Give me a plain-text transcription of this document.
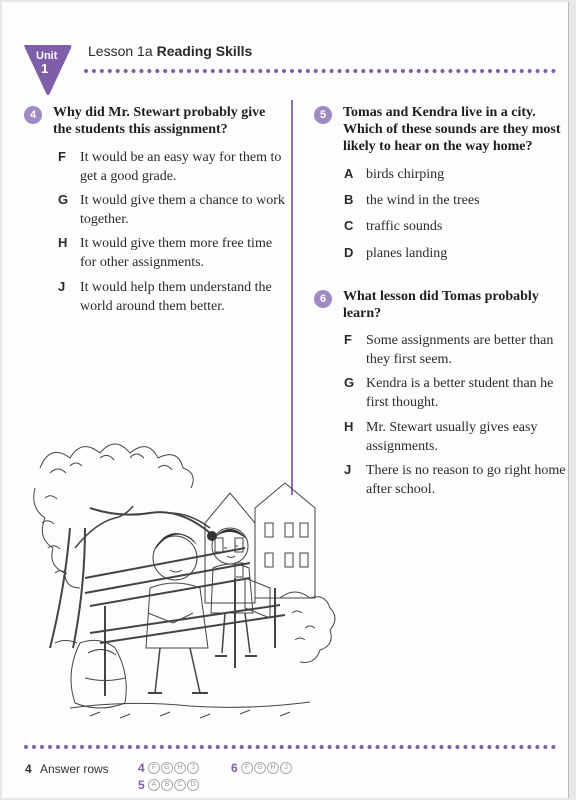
Unit
1
Lesson 1a Reading Skills
4	Why did Mr. Stewart probably give the students this assignment?
F It would be an easy way for them to get a good grade.
G It would give them a chance to work together.
H It would give them more free time for other assignments.
J It would help them understand the world around them better.
5	Tomas and Kendra live in a city. Which of these sounds are they most likely to hear on the way home?
A birds chirping
B the wind in the trees
C traffic sounds
D planes landing
6	What lesson did Tomas probably learn?
F Some assignments are better than they first seem.
G Kendra is a better student than he first thought.
H Mr. Stewart usually gives easy assignments.
J There is no reason to go right home after school.
4 Answer rows 4	F	G	H	J
5 A	B	C	D
6	F	G	H	J
